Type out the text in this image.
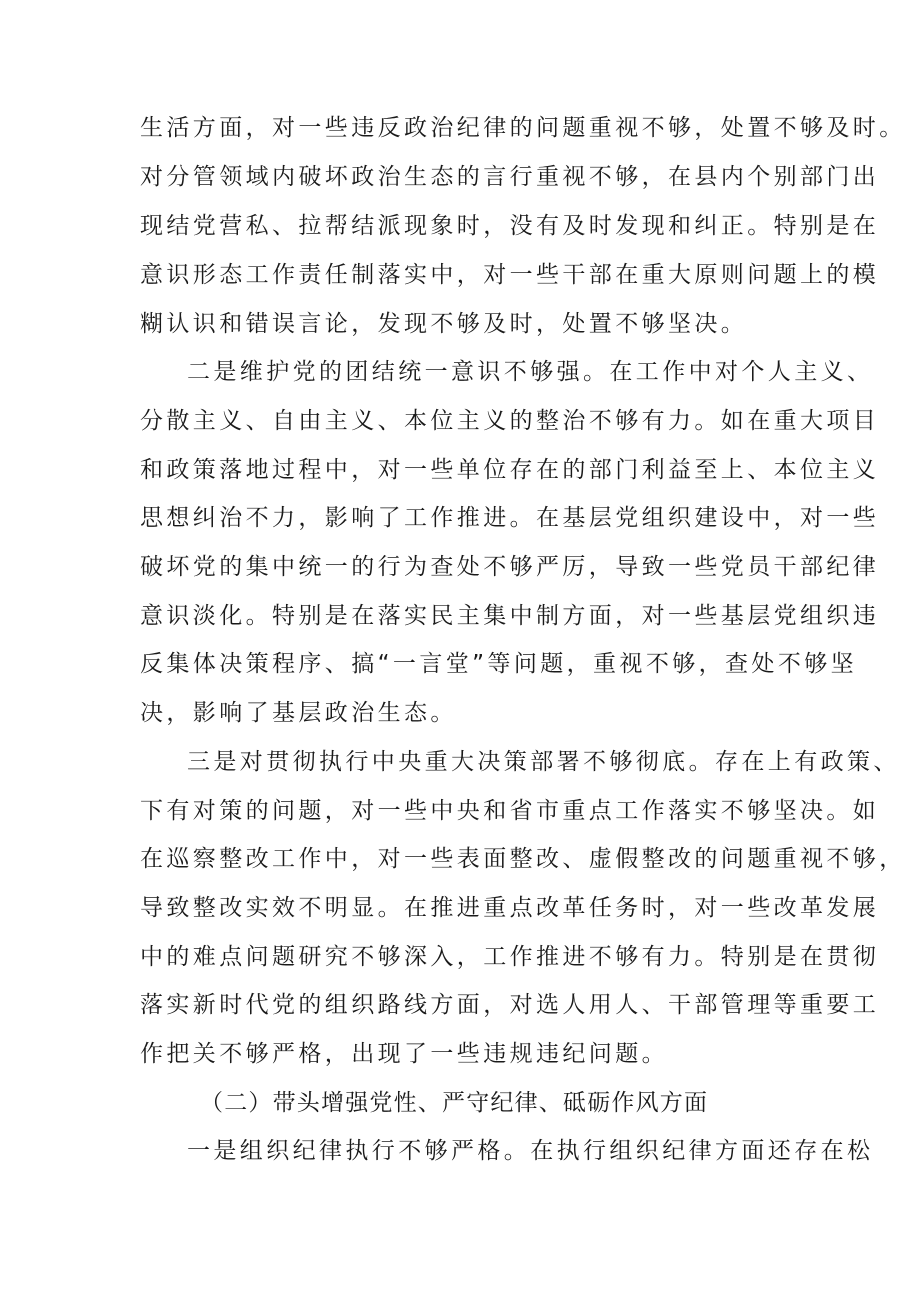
生活方面，对一些违反政治纪律的问题重视不够，处置不够及时。
对分管领域内破坏政治生态的言行重视不够，在县内个别部门出
现结党营私、拉帮结派现象时，没有及时发现和纠正。特别是在
意识形态工作责任制落实中，对一些干部在重大原则问题上的模
糊认识和错误言论，发现不够及时，处置不够坚决。
二是维护党的团结统一意识不够强。在工作中对个人主义、
分散主义、自由主义、本位主义的整治不够有力。如在重大项目
和政策落地过程中，对一些单位存在的部门利益至上、本位主义
思想纠治不力，影响了工作推进。在基层党组织建设中，对一些
破坏党的集中统一的行为查处不够严厉，导致一些党员干部纪律
意识淡化。特别是在落实民主集中制方面，对一些基层党组织违
反集体决策程序、搞“一言堂”等问题，重视不够，查处不够坚
决，影响了基层政治生态。
三是对贯彻执行中央重大决策部署不够彻底。存在上有政策、
下有对策的问题，对一些中央和省市重点工作落实不够坚决。如
在巡察整改工作中，对一些表面整改、虚假整改的问题重视不够，
导致整改实效不明显。在推进重点改革任务时，对一些改革发展
中的难点问题研究不够深入，工作推进不够有力。特别是在贯彻
落实新时代党的组织路线方面，对选人用人、干部管理等重要工
作把关不够严格，出现了一些违规违纪问题。
（二）带头增强党性、严守纪律、砥砺作风方面
一是组织纪律执行不够严格。在执行组织纪律方面还存在松
